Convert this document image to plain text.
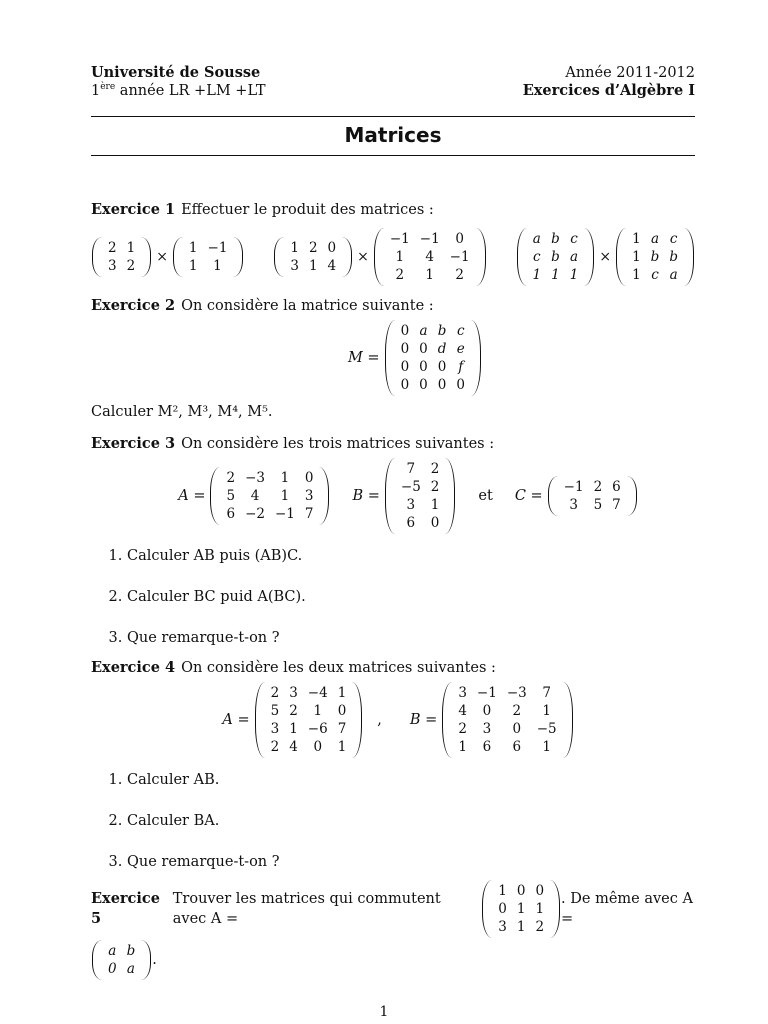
Université de Sousse
1ère année LR +LM +LT
Année 2011-2012
Exercices d’Algèbre I
Matrices
Exercice 1 Effectuer le produit des matrices :
2	1
3	2
×
1	−1
1	1
1	2	0
3	1	4
×
−1	−1	0
1	4	−1
2	1	2
a	b	c
c	b	a
1	1	1
×
1	a	c
1	b	b
1	c	a
Exercice 2 On considère la matrice suivante :
M =
0	a	b	c
0	0	d	e
0	0	0	f
0	0	0	0
Calculer M², M³, M⁴, M⁵.
Exercice 3 On considère les trois matrices suivantes :
A =
2	−3	1	0
5	4	1	3
6	−2	−1	7
B =
7	2
−5	2
3	1
6	0
et C =
−1	2	6
3	5	7
1. Calculer AB puis (AB)C.
2. Calculer BC puid A(BC).
3. Que remarque-t-on ?
Exercice 4 On considère les deux matrices suivantes :
A =
2	3	−4	1
5	2	1	0
3	1	−6	7
2	4	0	1
, B =
3	−1	−3	7
4	0	2	1
2	3	0	−5
1	6	6	1
1. Calculer AB.
2. Calculer BA.
3. Que remarque-t-on ?
Exercice 5
Trouver les matrices qui commutent avec A =
1	0	0
0	1	1
3	1	2
. De même avec A =
a	b
0	a
.
1
